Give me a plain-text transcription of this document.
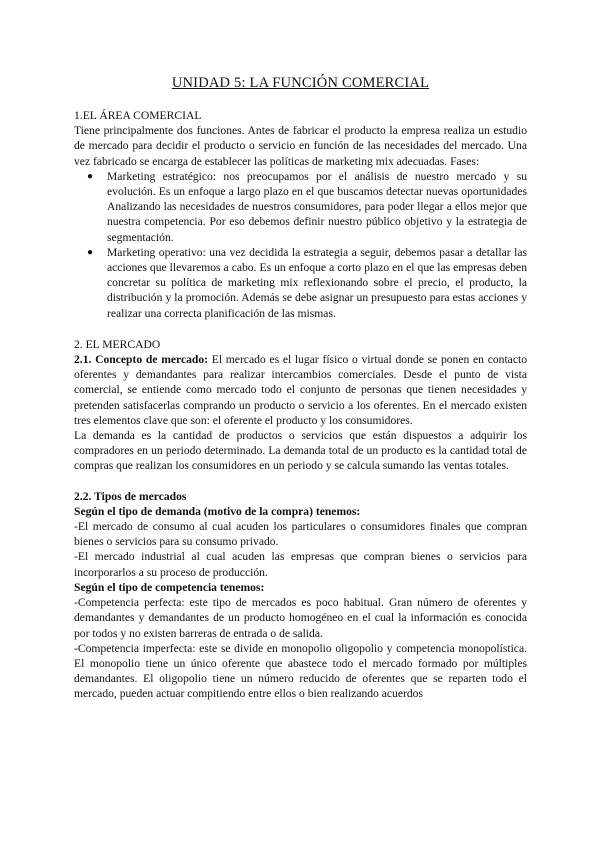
UNIDAD 5: LA FUNCIÓN COMERCIAL

1.EL ÁREA COMERCIAL

Tiene principalmente dos funciones. Antes de fabricar el producto la empresa realiza un estudio de mercado para decidir el producto o servicio en función de las necesidades del mercado. Una vez fabricado se encarga de establecer las políticas de marketing mix adecuadas. Fases:

● Marketing estratégico: nos preocupamos por el análisis de nuestro mercado y su evolución. Es un enfoque a largo plazo en el que buscamos detectar nuevas oportunidades Analizando las necesidades de nuestros consumidores, para poder llegar a ellos mejor que nuestra competencia. Por eso debemos definir nuestro público objetivo y la estrategia de segmentación.
● Marketing operativo: una vez decidida la estrategia a seguir, debemos pasar a detallar las acciones que llevaremos a cabo. Es un enfoque a corto plazo en el que las empresas deben concretar su política de marketing mix reflexionando sobre el precio, el producto, la distribución y la promoción. Además se debe asignar un presupuesto para estas acciones y realizar una correcta planificación de las mismas.

2. EL MERCADO

2.1. Concepto de mercado: El mercado es el lugar físico o virtual donde se ponen en contacto oferentes y demandantes para realizar intercambios comerciales. Desde el punto de vista comercial, se entiende como mercado todo el conjunto de personas que tienen necesidades y pretenden satisfacerlas comprando un producto o servicio a los oferentes. En el mercado existen tres elementos clave que son: el oferente el producto y los consumidores.

La demanda es la cantidad de productos o servicios que están dispuestos a adquirir los compradores en un periodo determinado. La demanda total de un producto es la cantidad total de compras que realizan los consumidores en un periodo y se calcula sumando las ventas totales.

2.2. Tipos de mercados

Según el tipo de demanda (motivo de la compra) tenemos:

-El mercado de consumo al cual acuden los particulares o consumidores finales que compran bienes o servicios para su consumo privado.

-El mercado industrial al cual acuden las empresas que compran bienes o servicios para incorporarlos a su proceso de producción.

Según el tipo de competencia tenemos:

-Competencia perfecta: este tipo de mercados es poco habitual. Gran número de oferentes y demandantes y demandantes de un producto homogéneo en el cual la información es conocida por todos y no existen barreras de entrada o de salida.

-Competencia imperfecta: este se divide en monopolio oligopolio y competencia monopolística. El monopolio tiene un único oferente que abastece todo el mercado formado por múltiples demandantes. El oligopolio tiene un número reducido de oferentes que se reparten todo el mercado, pueden actuar compitiendo entre ellos o bien realizando acuerdos
